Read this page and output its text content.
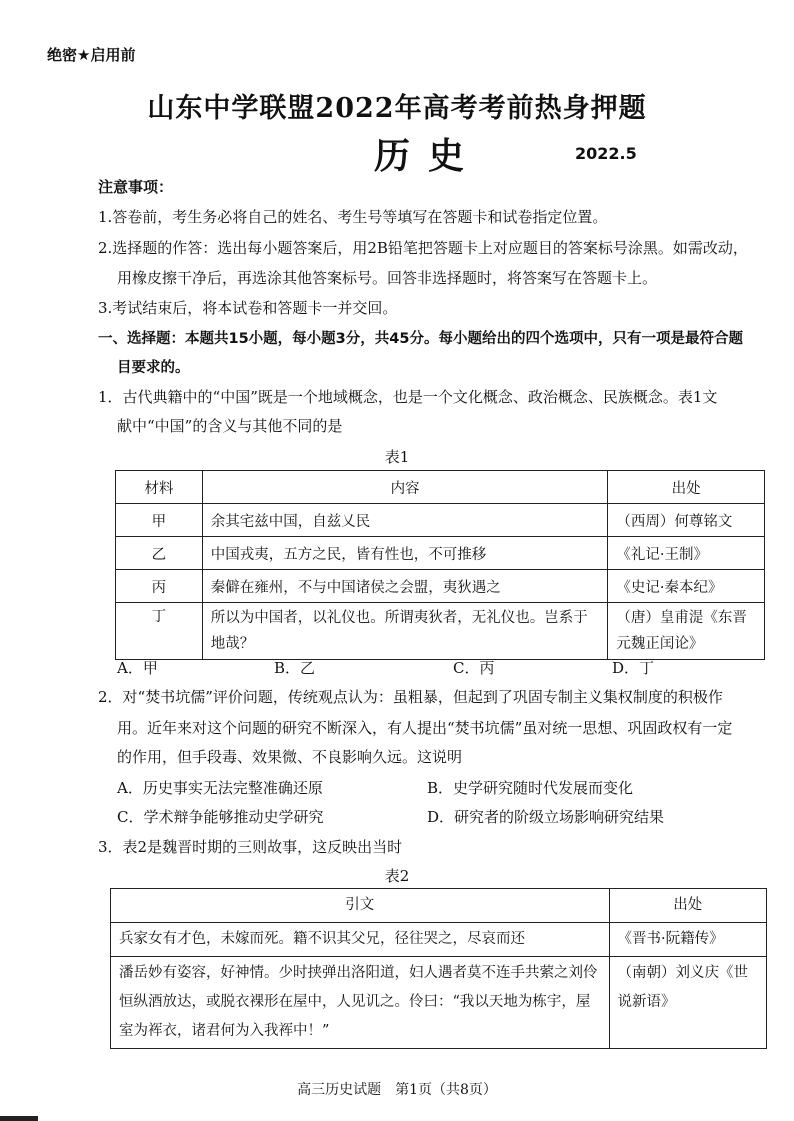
绝密★启用前
山东中学联盟2022年高考考前热身押题
历史	2022.5
注意事项：
1.答卷前，考生务必将自己的姓名、考生号等填写在答题卡和试卷指定位置。
2.选择题的作答：选出每小题答案后，用2B铅笔把答题卡上对应题目的答案标号涂黑。如需改动，
用橡皮擦干净后，再选涂其他答案标号。回答非选择题时，将答案写在答题卡上。
3.考试结束后，将本试卷和答题卡一并交回。
一、选择题：本题共15小题，每小题3分，共45分。每小题给出的四个选项中，只有一项是最符合题
目要求的。
1．古代典籍中的“中国”既是一个地域概念，也是一个文化概念、政治概念、民族概念。表1文
献中“中国”的含义与其他不同的是
表1
材料	内容	出处
甲	余其宅兹中国，自兹乂民	（西周）何尊铭文
乙	中国戎夷，五方之民，皆有性也，不可推移	《礼记·王制》
丙	秦僻在雍州，不与中国诸侯之会盟，夷狄遇之	《史记·秦本纪》
丁	所以为中国者，以礼仪也。所谓夷狄者，无礼仪也。岂系于地哉？	（唐）皇甫湜《东晋元魏正闰论》
A．甲	B．乙	C．丙	D．丁
2．对“焚书坑儒”评价问题，传统观点认为：虽粗暴，但起到了巩固专制主义集权制度的积极作
用。近年来对这个问题的研究不断深入，有人提出“焚书坑儒”虽对统一思想、巩固政权有一定
的作用，但手段毒、效果微、不良影响久远。这说明
A．历史事实无法完整准确还原	B．史学研究随时代发展而变化
C．学术辩争能够推动史学研究	D．研究者的阶级立场影响研究结果
3．表2是魏晋时期的三则故事，这反映出当时
表2
引文	出处
兵家女有才色，未嫁而死。籍不识其父兄，径往哭之，尽哀而还	《晋书·阮籍传》
潘岳妙有姿容，好神情。少时挟弹出洛阳道，妇人遇者莫不连手共萦之刘伶恒纵酒放达，或脱衣裸形在屋中，人见讥之。伶曰：“我以天地为栋宇，屋室为裈衣，诸君何为入我裈中！”	（南朝）刘义庆《世说新语》
高三历史试题　第1页（共8页）
